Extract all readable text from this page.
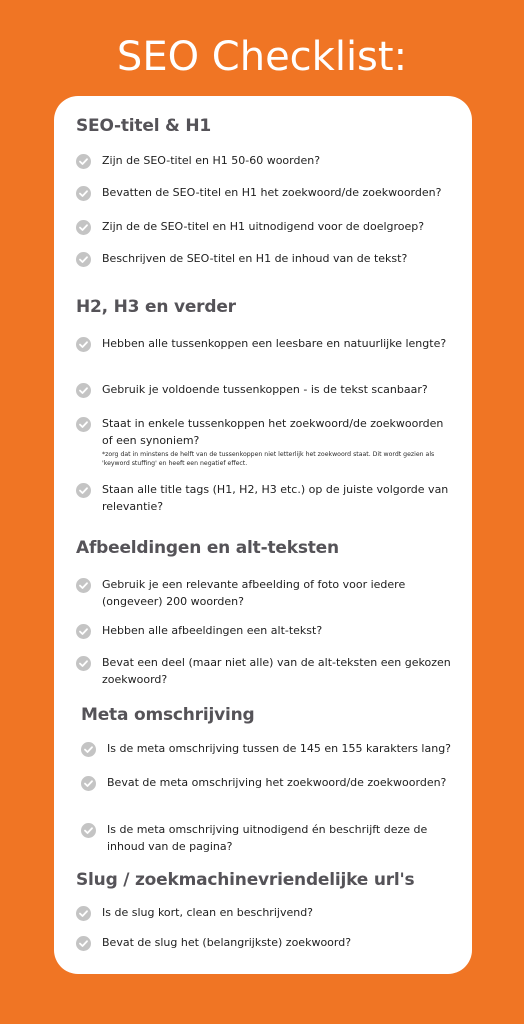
SEO Checklist:
SEO-titel & H1
Zijn de SEO-titel en H1 50-60 woorden?
Bevatten de SEO-titel en H1 het zoekwoord/de zoekwoorden?
Zijn de de SEO-titel en H1 uitnodigend voor de doelgroep?
Beschrijven de SEO-titel en H1 de inhoud van de tekst?
H2, H3 en verder
Hebben alle tussenkoppen een leesbare en natuurlijke lengte?
Gebruik je voldoende tussenkoppen - is de tekst scanbaar?
Staat in enkele tussenkoppen het zoekwoord/de zoekwoorden of een synoniem?
*zorg dat in minstens de helft van de tussenkoppen niet letterlijk het zoekwoord staat. Dit wordt gezien als 'keyword stuffing' en heeft een negatief effect.
Staan alle title tags (H1, H2, H3 etc.) op de juiste volgorde van relevantie?
Afbeeldingen en alt-teksten
Gebruik je een relevante afbeelding of foto voor iedere (ongeveer) 200 woorden?
Hebben alle afbeeldingen een alt-tekst?
Bevat een deel (maar niet alle) van de alt-teksten een gekozen zoekwoord?
Meta omschrijving
Is de meta omschrijving tussen de 145 en 155 karakters lang?
Bevat de meta omschrijving het zoekwoord/de zoekwoorden?
Is de meta omschrijving uitnodigend én beschrijft deze de inhoud van de pagina?
Slug / zoekmachinevriendelijke url's
Is de slug kort, clean en beschrijvend?
Bevat de slug het (belangrijkste) zoekwoord?
